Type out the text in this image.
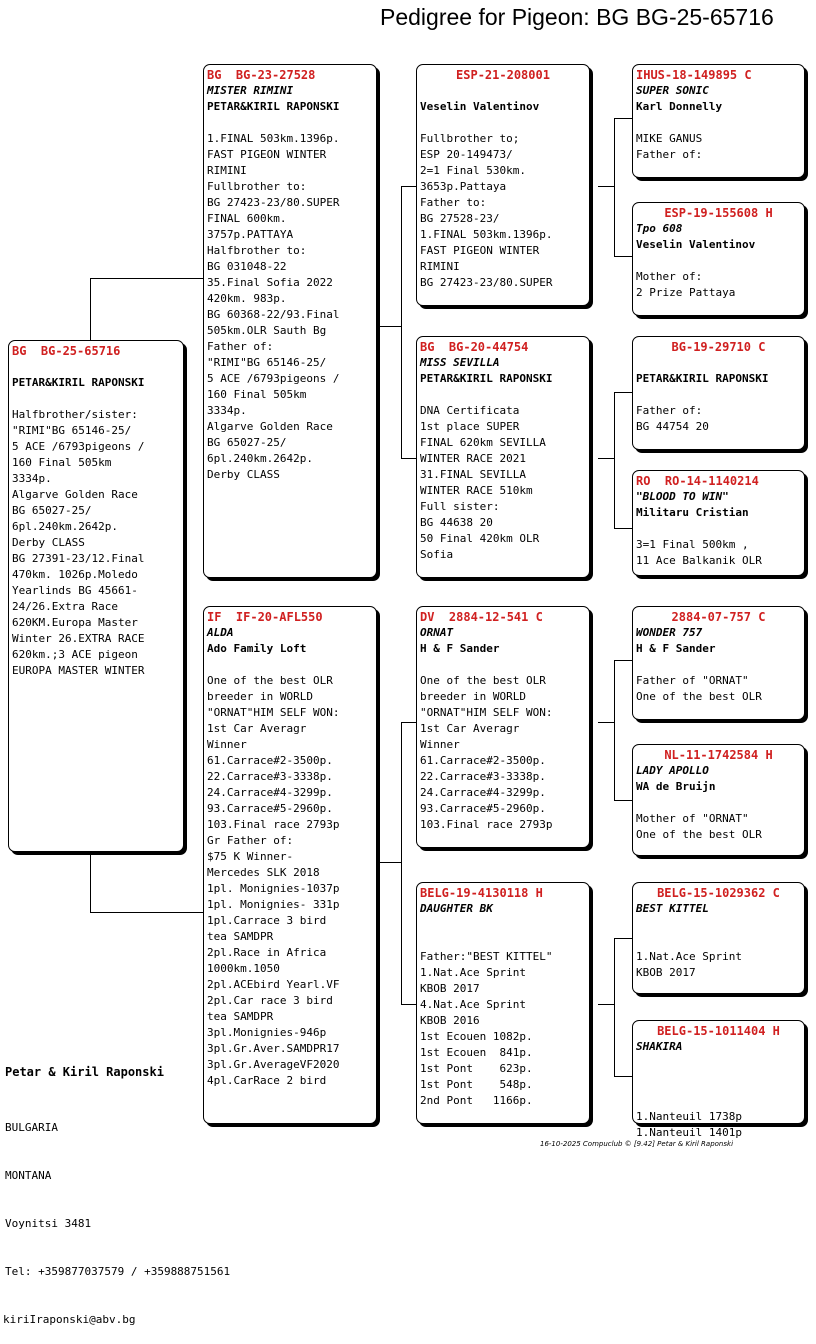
Pedigree for Pigeon: BG BG-25-65716
BG  BG-25-65716
PETAR&KIRIL RAPONSKI
Halfbrother/sister:
"RIMI"BG 65146-25/
5 ACE /6793pigeons /
160 Final 505km
3334p.
Algarve Golden Race
BG 65027-25/
6pl.240km.2642p.
Derby CLASS
BG 27391-23/12.Final
470km. 1026p.Moledo
Yearlinds BG 45661-
24/26.Extra Race
620KM.Europa Master
Winter 26.EXTRA RACE
620km.;3 ACE pigeon
EUROPA MASTER WINTER
BG  BG-23-27528
MISTER RIMINI
PETAR&KIRIL RAPONSKI
1.FINAL 503km.1396p.
FAST PIGEON WINTER
RIMINI
Fullbrother to:
BG 27423-23/80.SUPER
FINAL 600km.
3757p.PATTAYA
Halfbrother to:
BG 031048-22
35.Final Sofia 2022
420km. 983p.
BG 60368-22/93.Final
505km.OLR Sauth Bg
Father of:
"RIMI"BG 65146-25/
5 ACE /6793pigeons /
160 Final 505km
3334p.
Algarve Golden Race
BG 65027-25/
6pl.240km.2642p.
Derby CLASS
IF  IF-20-AFL550
ALDA
Ado Family Loft
One of the best OLR
breeder in WORLD
"ORNAT"HIM SELF WON:
1st Car Averagr
Winner
61.Carrace#2-3500p.
22.Carrace#3-3338p.
24.Carrace#4-3299p.
93.Carrace#5-2960p.
103.Final race 2793p
Gr Father of:
$75 K Winner-
Mercedes SLK 2018
1pl. Monignies-1037p
1pl. Monignies- 331p
1pl.Carrace 3 bird
tea SAMDPR
2pl.Race in Africa
1000km.1050
2pl.ACEbird Yearl.VF
2pl.Car race 3 bird
tea SAMDPR
3pl.Monignies-946p
3pl.Gr.Aver.SAMDPR17
3pl.Gr.AverageVF2020
4pl.CarRace 2 bird
ESP-21-208001
Veselin Valentinov
Fullbrother to;
ESP 20-149473/
2=1 Final 530km.
3653p.Pattaya
Father to:
BG 27528-23/
1.FINAL 503km.1396p.
FAST PIGEON WINTER
RIMINI
BG 27423-23/80.SUPER
BG  BG-20-44754
MISS SEVILLA
PETAR&KIRIL RAPONSKI
DNA Certificata
1st place SUPER
FINAL 620km SEVILLA
WINTER RACE 2021
31.FINAL SEVILLA
WINTER RACE 510km
Full sister:
BG 44638 20
50 Final 420km OLR
Sofia
DV  2884-12-541 C
ORNAT
H & F Sander
One of the best OLR
breeder in WORLD
"ORNAT"HIM SELF WON:
1st Car Averagr
Winner
61.Carrace#2-3500p.
22.Carrace#3-3338p.
24.Carrace#4-3299p.
93.Carrace#5-2960p.
103.Final race 2793p
BELG-19-4130118 H
DAUGHTER BK
Father:"BEST KITTEL"
1.Nat.Ace Sprint
KBOB 2017
4.Nat.Ace Sprint
KBOB 2016
1st Ecouen 1082p.
1st Ecouen  841p.
1st Pont    623p.
1st Pont    548p.
2nd Pont   1166p.
IHUS-18-149895 C
SUPER SONIC
Karl Donnelly
MIKE GANUS
Father of:
ESP-19-155608 H
Tpo 608
Veselin Valentinov
Mother of:
2 Prize Pattaya
BG-19-29710 C
PETAR&KIRIL RAPONSKI
Father of:
BG 44754 20
RO  RO-14-1140214
"BLOOD TO WIN"
Militaru Cristian
3=1 Final 500km ,
11 Ace Balkanik OLR
2884-07-757 C
WONDER 757
H & F Sander
Father of "ORNAT"
One of the best OLR
NL-11-1742584 H
LADY APOLLO
WA de Bruijn
Mother of "ORNAT"
One of the best OLR
BELG-15-1029362 C
BEST KITTEL
1.Nat.Ace Sprint
KBOB 2017
BELG-15-1011404 H
SHAKIRA
1.Nanteuil 1738p
1.Nanteuil 1401p

Petar & Kiril Raponski

BULGARIA

MONTANA

Voynitsi 3481

Tel: +359877037579 / +359888751561

kiriIraponski@abv.bg

16-10-2025 Compuclub © [9.42] Petar & Kiril Raponski
